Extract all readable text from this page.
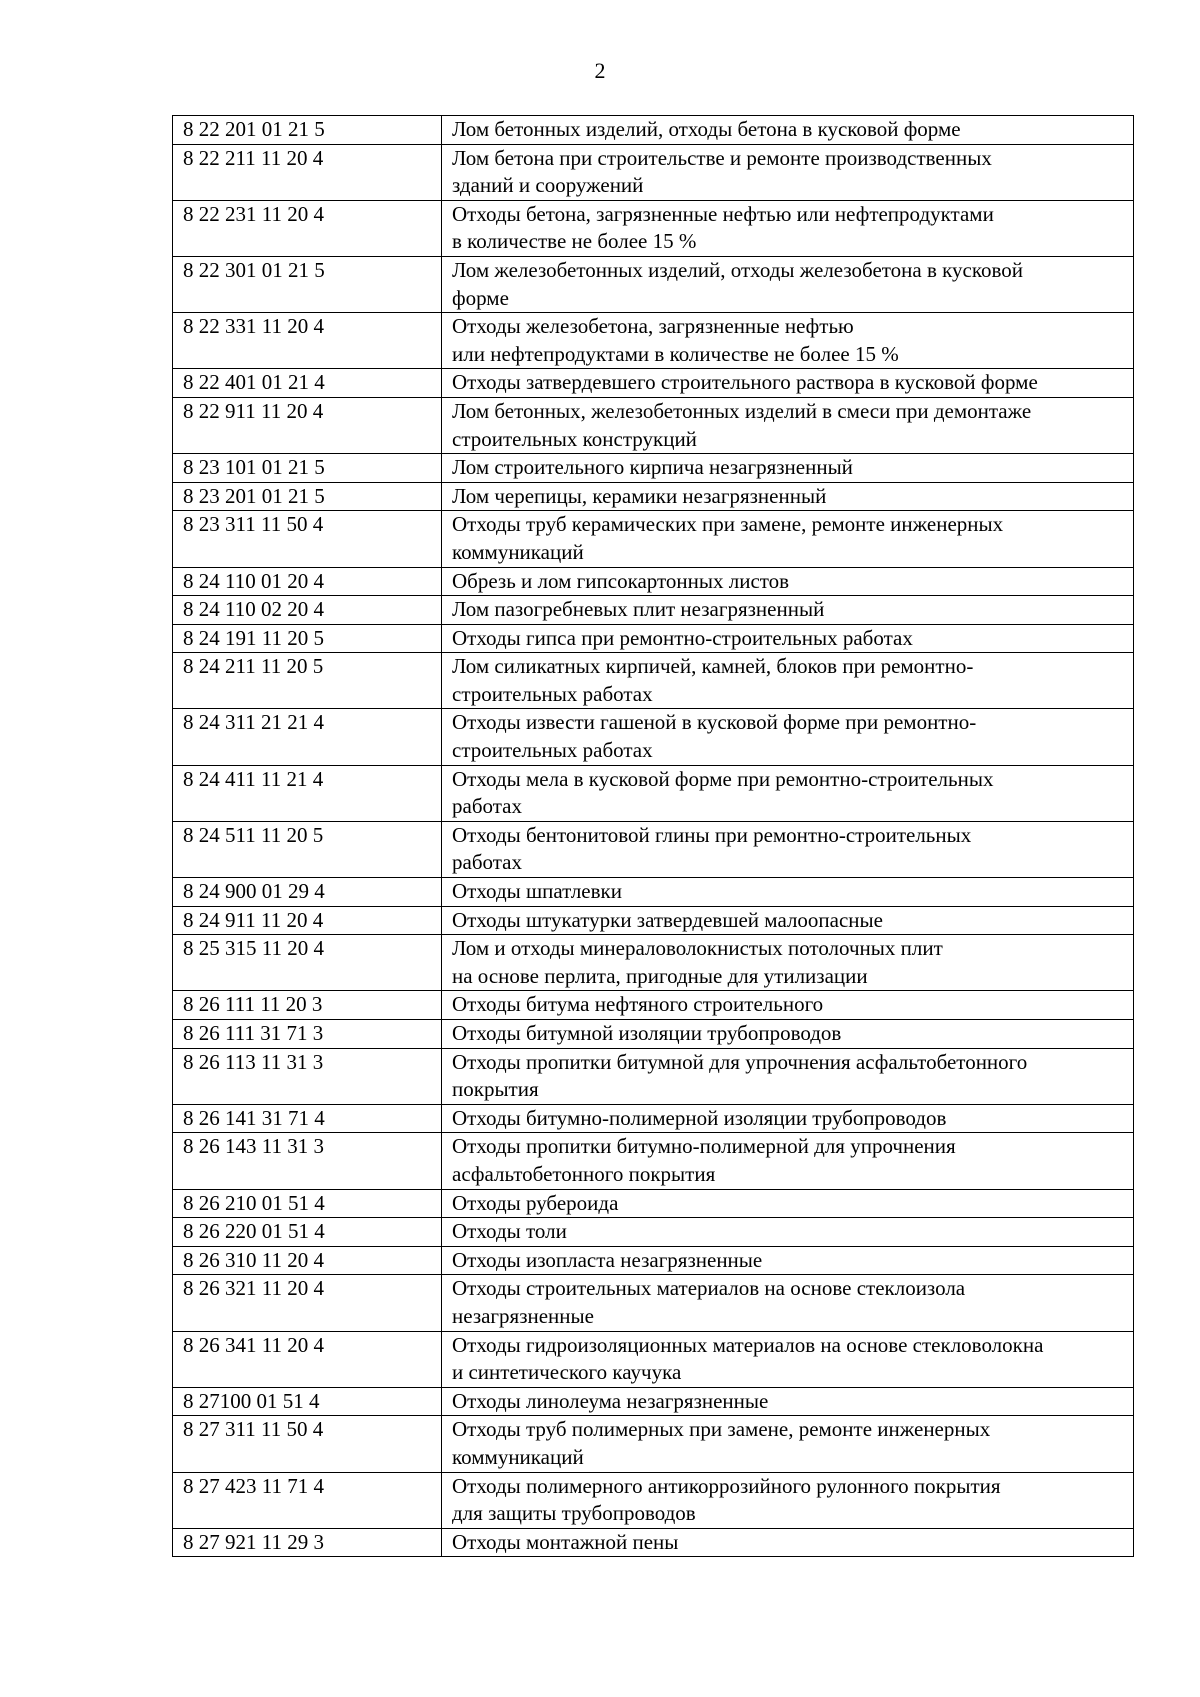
2
8 22 201 01 21 5	Лом бетонных изделий, отходы бетона в кусковой форме

8 22 211 11 20 4	Лом бетона при строительстве и ремонте производственных
зданий и сооружений

8 22 231 11 20 4	Отходы бетона, загрязненные нефтью или нефтепродуктами
в количестве не более 15 %

8 22 301 01 21 5	Лом железобетонных изделий, отходы железобетона в кусковой
форме

8 22 331 11 20 4	Отходы железобетона, загрязненные нефтью
или нефтепродуктами в количестве не более 15 %

8 22 401 01 21 4	Отходы затвердевшего строительного раствора в кусковой форме

8 22 911 11 20 4	Лом бетонных, железобетонных изделий в смеси при демонтаже
строительных конструкций

8 23 101 01 21 5	Лом строительного кирпича незагрязненный

8 23 201 01 21 5	Лом черепицы, керамики незагрязненный

8 23 311 11 50 4	Отходы труб керамических при замене, ремонте инженерных
коммуникаций

8 24 110 01 20 4	Обрезь и лом гипсокартонных листов

8 24 110 02 20 4	Лом пазогребневых плит незагрязненный

8 24 191 11 20 5	Отходы гипса при ремонтно-строительных работах

8 24 211 11 20 5	Лом силикатных кирпичей, камней, блоков при ремонтно-
строительных работах

8 24 311 21 21 4	Отходы извести гашеной в кусковой форме при ремонтно-
строительных работах

8 24 411 11 21 4	Отходы мела в кусковой форме при ремонтно-строительных
работах

8 24 511 11 20 5	Отходы бентонитовой глины при ремонтно-строительных
работах

8 24 900 01 29 4	Отходы шпатлевки

8 24 911 11 20 4	Отходы штукатурки затвердевшей малоопасные

8 25 315 11 20 4	Лом и отходы минераловолокнистых потолочных плит
на основе перлита, пригодные для утилизации

8 26 111 11 20 3	Отходы битума нефтяного строительного

8 26 111 31 71 3	Отходы битумной изоляции трубопроводов

8 26 113 11 31 3	Отходы пропитки битумной для упрочнения асфальтобетонного
покрытия

8 26 141 31 71 4	Отходы битумно-полимерной изоляции трубопроводов

8 26 143 11 31 3	Отходы пропитки битумно-полимерной для упрочнения
асфальтобетонного покрытия

8 26 210 01 51 4	Отходы рубероида

8 26 220 01 51 4	Отходы толи

8 26 310 11 20 4	Отходы изопласта незагрязненные

8 26 321 11 20 4	Отходы строительных материалов на основе стеклоизола
незагрязненные

8 26 341 11 20 4	Отходы гидроизоляционных материалов на основе стекловолокна
и синтетического каучука

8 27100 01 51 4	Отходы линолеума незагрязненные

8 27 311 11 50 4	Отходы труб полимерных при замене, ремонте инженерных
коммуникаций

8 27 423 11 71 4	Отходы полимерного антикоррозийного рулонного покрытия
для защиты трубопроводов

8 27 921 11 29 3	Отходы монтажной пены
